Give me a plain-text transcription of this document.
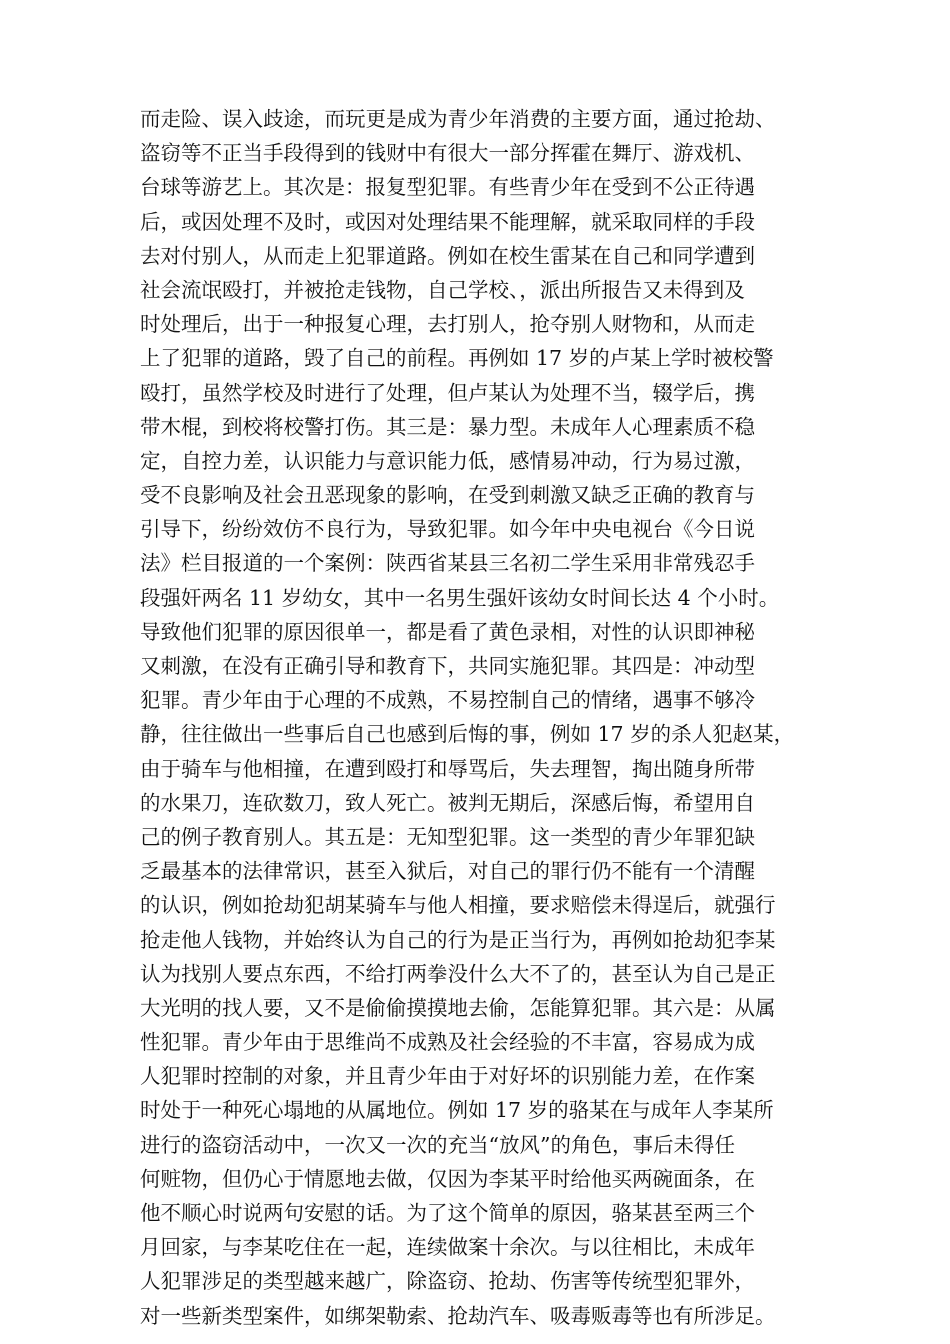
而走险、误入歧途，而玩更是成为青少年消费的主要方面，通过抢劫、
盗窃等不正当手段得到的钱财中有很大一部分挥霍在舞厅、游戏机、
台球等游艺上。其次是：报复型犯罪。有些青少年在受到不公正待遇
后，或因处理不及时，或因对处理结果不能理解，就采取同样的手段
去对付别人，从而走上犯罪道路。例如在校生雷某在自己和同学遭到
社会流氓殴打，并被抢走钱物，自己学校、，派出所报告又未得到及
时处理后，出于一种报复心理，去打别人，抢夺别人财物和，从而走
上了犯罪的道路，毁了自己的前程。再例如 17 岁的卢某上学时被校警
殴打，虽然学校及时进行了处理，但卢某认为处理不当，辍学后，携
带木棍，到校将校警打伤。其三是：暴力型。未成年人心理素质不稳
定，自控力差，认识能力与意识能力低，感情易冲动，行为易过激，
受不良影响及社会丑恶现象的影响，在受到刺激又缺乏正确的教育与
引导下，纷纷效仿不良行为，导致犯罪。如今年中央电视台《今日说
法》栏目报道的一个案例：陕西省某县三名初二学生采用非常残忍手
段强奸两名 11 岁幼女，其中一名男生强奸该幼女时间长达 4 个小时。
导致他们犯罪的原因很单一，都是看了黄色录相，对性的认识即神秘
又刺激，在没有正确引导和教育下，共同实施犯罪。其四是：冲动型
犯罪。青少年由于心理的不成熟，不易控制自己的情绪，遇事不够冷
静，往往做出一些事后自己也感到后悔的事，例如 17 岁的杀人犯赵某，
由于骑车与他相撞，在遭到殴打和辱骂后，失去理智，掏出随身所带
的水果刀，连砍数刀，致人死亡。被判无期后，深感后悔，希望用自
己的例子教育别人。其五是：无知型犯罪。这一类型的青少年罪犯缺
乏最基本的法律常识，甚至入狱后，对自己的罪行仍不能有一个清醒
的认识，例如抢劫犯胡某骑车与他人相撞，要求赔偿未得逞后，就强行
抢走他人钱物，并始终认为自己的行为是正当行为，再例如抢劫犯李某
认为找别人要点东西，不给打两拳没什么大不了的，甚至认为自己是正
大光明的找人要，又不是偷偷摸摸地去偷，怎能算犯罪。其六是：从属
性犯罪。青少年由于思维尚不成熟及社会经验的不丰富，容易成为成
人犯罪时控制的对象，并且青少年由于对好坏的识别能力差，在作案
时处于一种死心塌地的从属地位。例如 17 岁的骆某在与成年人李某所
进行的盗窃活动中，一次又一次的充当“放风”的角色，事后未得任
何赃物，但仍心于情愿地去做，仅因为李某平时给他买两碗面条，在
他不顺心时说两句安慰的话。为了这个简单的原因，骆某甚至两三个
月回家，与李某吃住在一起，连续做案十余次。与以往相比，未成年
人犯罪涉足的类型越来越广，除盗窃、抢劫、伤害等传统型犯罪外，
对一些新类型案件，如绑架勒索、抢劫汽车、吸毒贩毒等也有所涉足。
